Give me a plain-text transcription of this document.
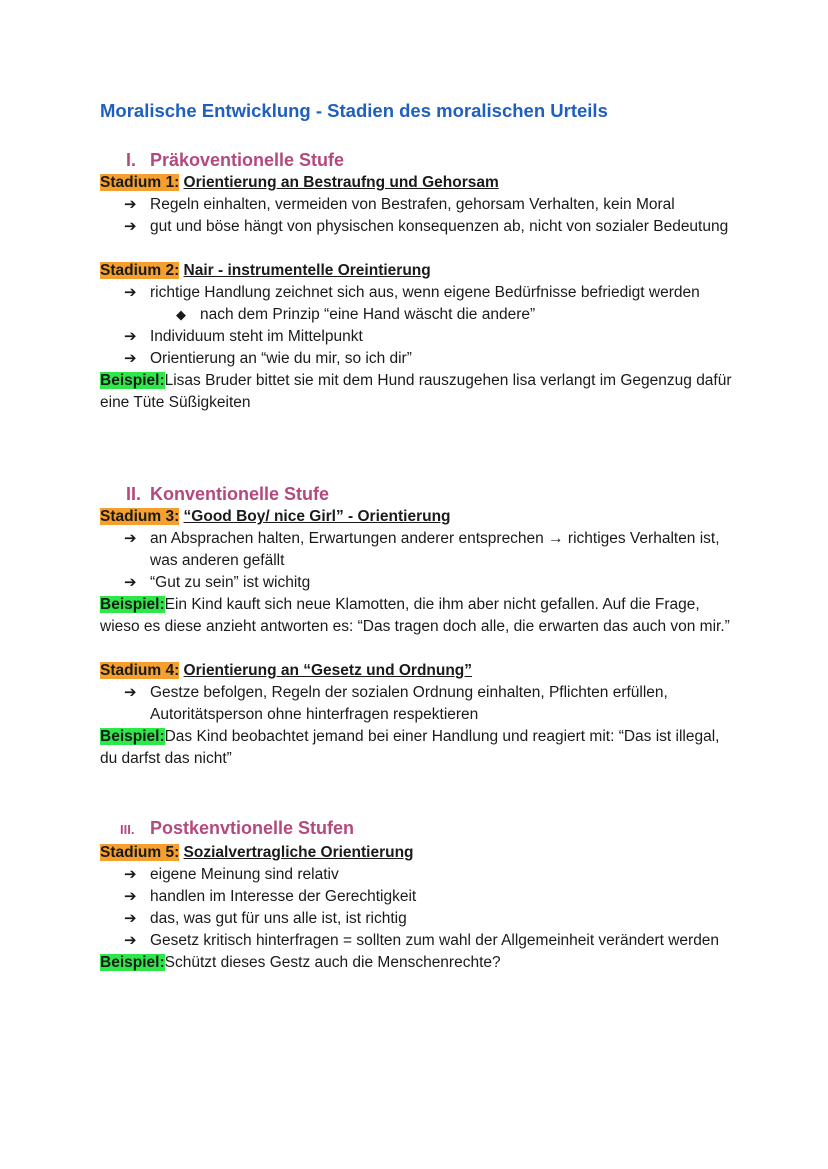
Moralische Entwicklung - Stadien des moralischen Urteils
I. Präkoventionelle Stufe
Stadium 1: Orientierung an Bestraufng und Gehorsam
➔ Regeln einhalten, vermeiden von Bestrafen, gehorsam Verhalten, kein Moral
➔ gut und böse hängt von physischen konsequenzen ab, nicht von sozialer Bedeutung
Stadium 2: Nair - instrumentelle Oreintierung
➔ richtige Handlung zeichnet sich aus, wenn eigene Bedürfnisse befriedigt werden
◆ nach dem Prinzip “eine Hand wäscht die andere”
➔ Individuum steht im Mittelpunkt
➔ Orientierung an “wie du mir, so ich dir”
Beispiel:Lisas Bruder bittet sie mit dem Hund rauszugehen lisa verlangt im Gegenzug dafür eine Tüte Süßigkeiten
II. Konventionelle Stufe
Stadium 3: “Good Boy/ nice Girl” - Orientierung
➔ an Absprachen halten, Erwartungen anderer entsprechen → richtiges Verhalten ist, was anderen gefällt
➔ “Gut zu sein” ist wichitg
Beispiel:Ein Kind kauft sich neue Klamotten, die ihm aber nicht gefallen. Auf die Frage, wieso es diese anzieht antworten es: “Das tragen doch alle, die erwarten das auch von mir.”
Stadium 4: Orientierung an “Gesetz und Ordnung”
➔ Gestze befolgen, Regeln der sozialen Ordnung einhalten, Pflichten erfüllen, Autoritätsperson ohne hinterfragen respektieren
Beispiel:Das Kind beobachtet jemand bei einer Handlung und reagiert mit: “Das ist illegal, du darfst das nicht”
III. Postkenvtionelle Stufen
Stadium 5: Sozialvertragliche Orientierung
➔ eigene Meinung sind relativ
➔ handlen im Interesse der Gerechtigkeit
➔ das, was gut für uns alle ist, ist richtig
➔ Gesetz kritisch hinterfragen = sollten zum wahl der Allgemeinheit verändert werden
Beispiel:Schützt dieses Gestz auch die Menschenrechte?
